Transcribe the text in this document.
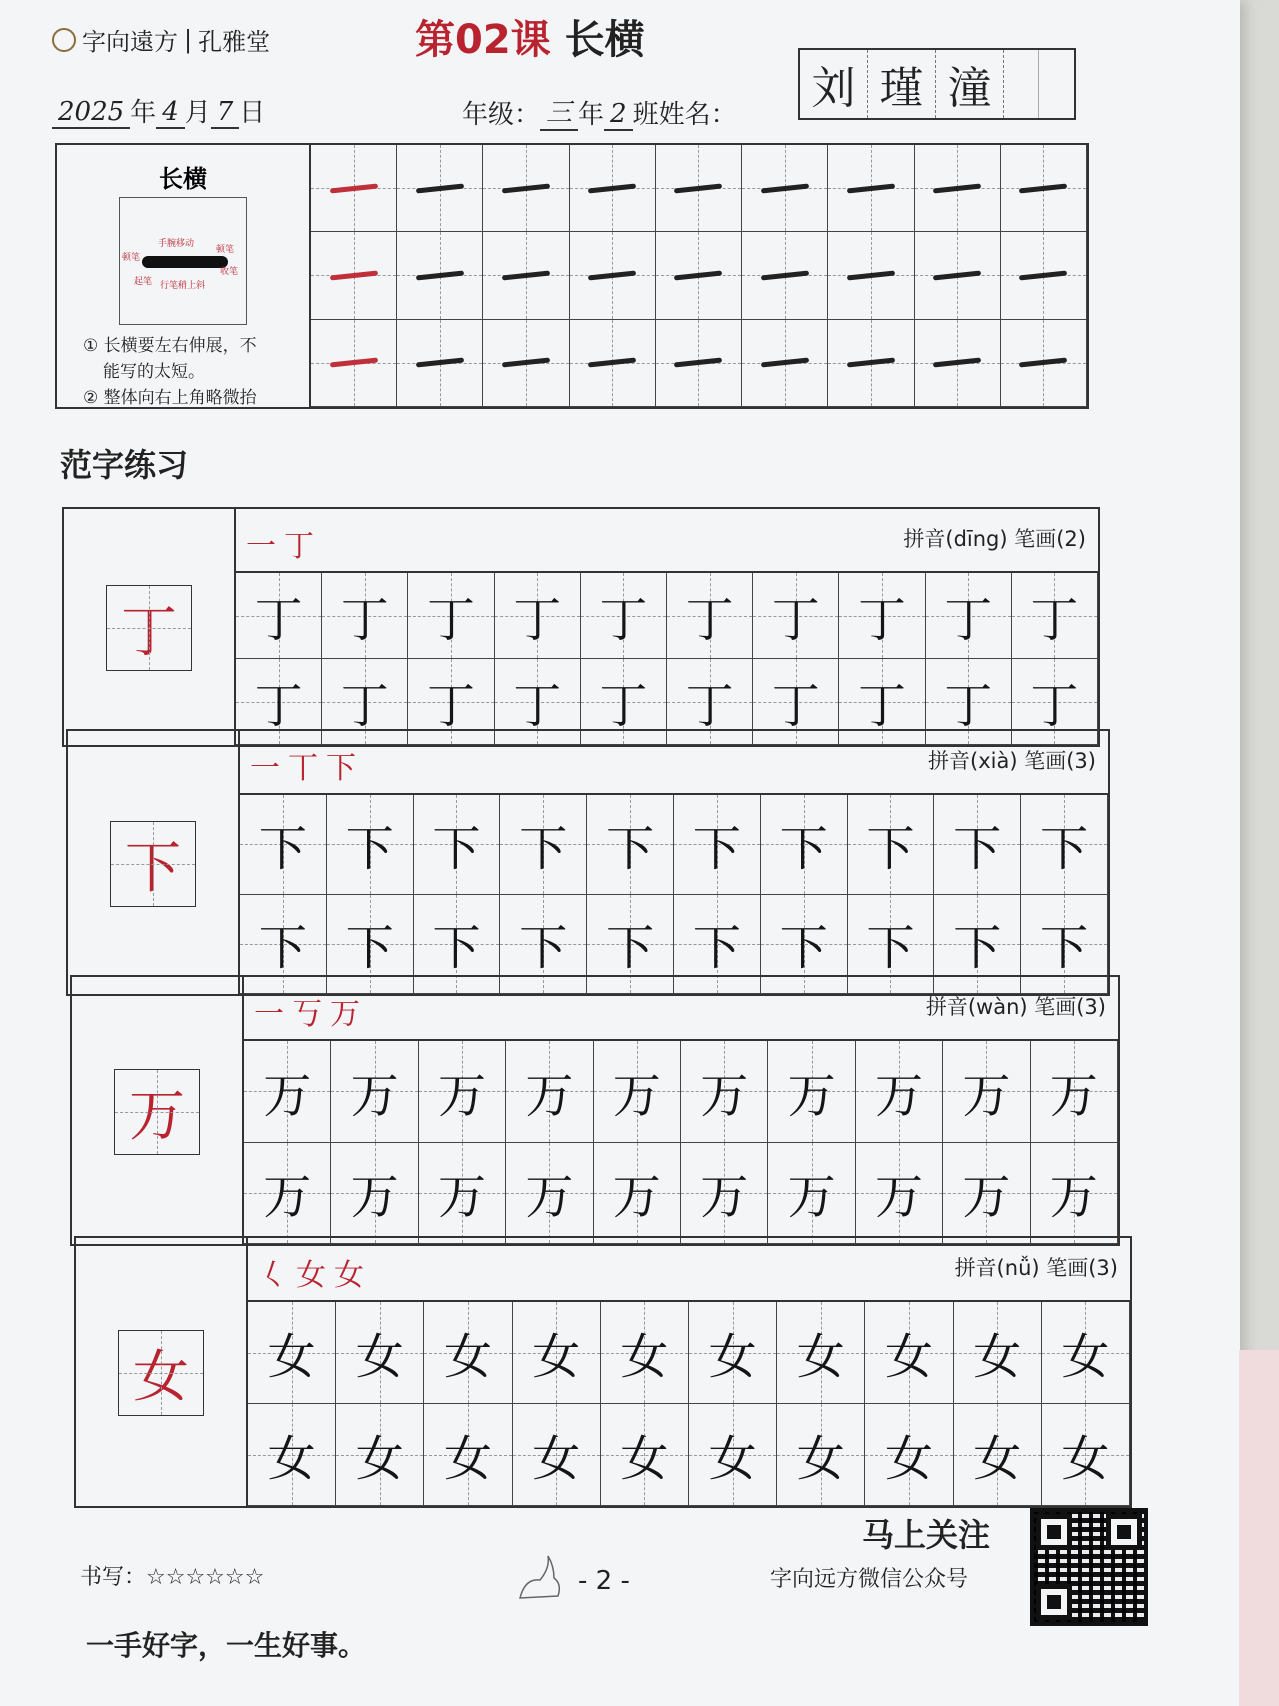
字向遠方 | 孔雅堂	第02课 长横
2025 年 4 月 7 日	年级： 三 年 2 班 姓名：
刘 瑾 潼
长横
手腕移动
顿笔
起笔
顿笔
收笔
行笔稍上斜
① 长横要左右伸展，不
能写的太短。
② 整体向右上角略微抬
范字练习
丁
一丁	拼音(dīng) 笔画(2)
丁 丁 丁 丁 丁 丁 丁 丁 丁 丁
丁 丁 丁 丁 丁 丁 丁 丁 丁 丁
下
一丅下	拼音(xià) 笔画(3)
下 下 下 下 下 下 下 下 下 下
下 下 下 下 下 下 下 下 下 下
万
一丂万	拼音(wàn) 笔画(3)
万 万 万 万 万 万 万 万 万 万
万 万 万 万 万 万 万 万 万 万
女
𡿨女女	拼音(nǚ) 笔画(3)
女 女 女 女 女 女 女 女 女 女
女 女 女 女 女 女 女 女 女 女
书写：☆☆☆☆☆☆	- 2 -
马上关注
字向远方微信公众号
一手好字，一生好事。
